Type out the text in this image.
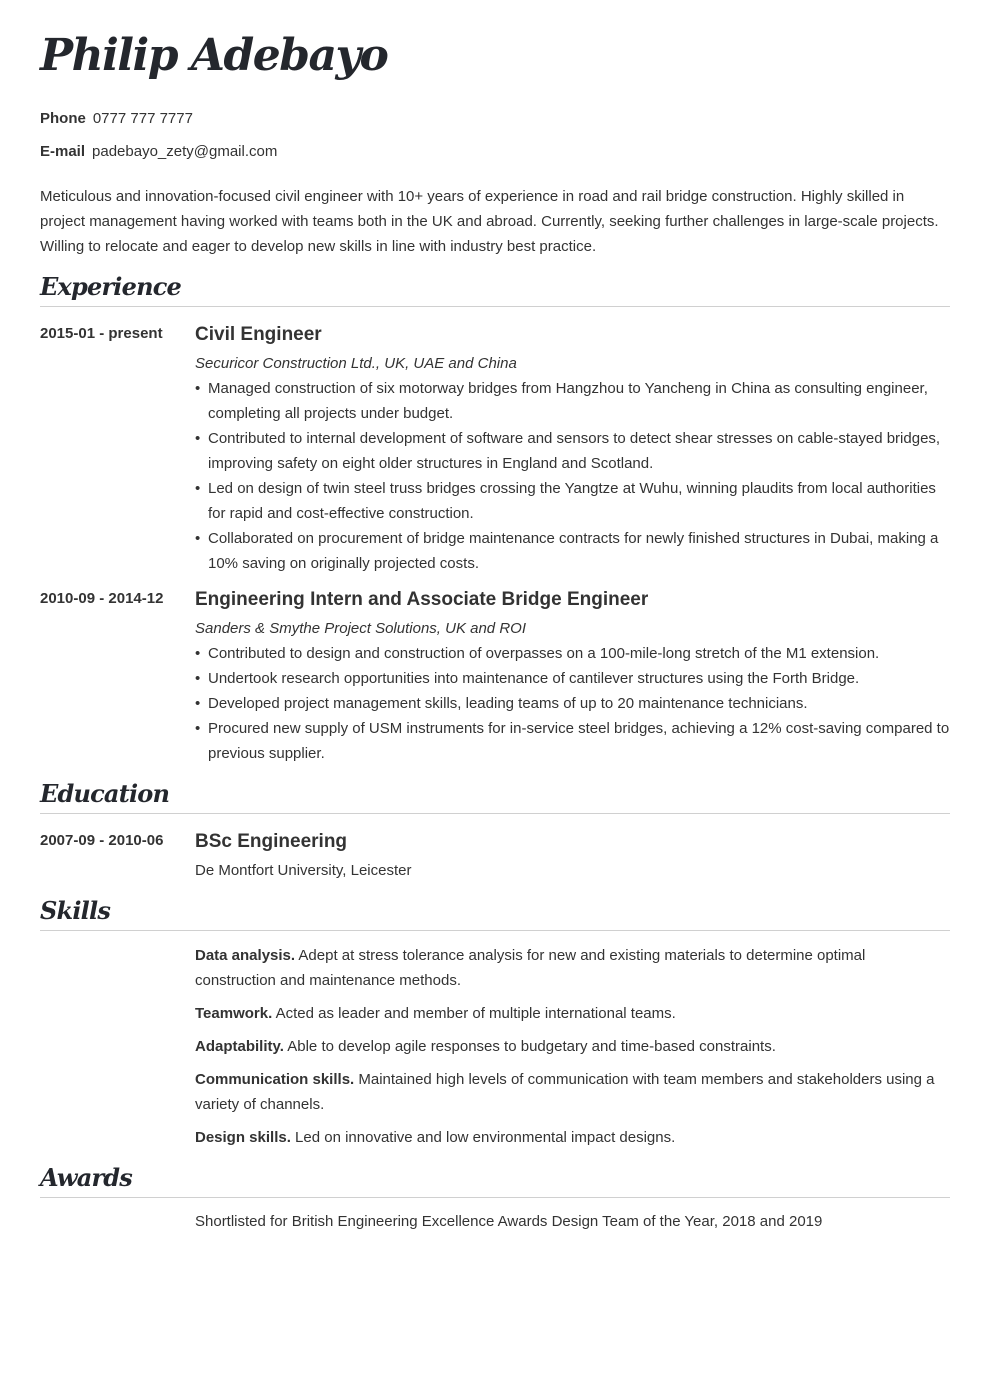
Philip Adebayo
Phone 0777 777 7777
E-mail padebayo_zety@gmail.com

Meticulous and innovation-focused civil engineer with 10+ years of experience in road and rail bridge construction. Highly skilled in project management having worked with teams both in the UK and abroad. Currently, seeking further challenges in large-scale projects. Willing to relocate and eager to develop new skills in line with industry best practice.

Experience
2015-01 - present	Civil Engineer

Securicor Construction Ltd., UK, UAE and China

• Managed construction of six motorway bridges from Hangzhou to Yancheng in China as consulting engineer, completing all projects under budget.
• Contributed to internal development of software and sensors to detect shear stresses on cable-stayed bridges, improving safety on eight older structures in England and Scotland.
• Led on design of twin steel truss bridges crossing the Yangtze at Wuhu, winning plaudits from local authorities for rapid and cost-effective construction.
• Collaborated on procurement of bridge maintenance contracts for newly finished structures in Dubai, making a 10% saving on originally projected costs.
2010-09 - 2014-12	Engineering Intern and Associate Bridge Engineer

Sanders & Smythe Project Solutions, UK and ROI

• Contributed to design and construction of overpasses on a 100-mile-long stretch of the M1 extension.
• Undertook research opportunities into maintenance of cantilever structures using the Forth Bridge.
• Developed project management skills, leading teams of up to 20 maintenance technicians.
• Procured new supply of USM instruments for in-service steel bridges, achieving a 12% cost-saving compared to previous supplier.
Education
2007-09 - 2010-06	BSc Engineering

De Montfort University, Leicester

Skills

Data analysis. Adept at stress tolerance analysis for new and existing materials to determine optimal construction and maintenance methods.

Teamwork. Acted as leader and member of multiple international teams.

Adaptability. Able to develop agile responses to budgetary and time-based constraints.

Communication skills. Maintained high levels of communication with team members and stakeholders using a variety of channels.

Design skills. Led on innovative and low environmental impact designs.

Awards

Shortlisted for British Engineering Excellence Awards Design Team of the Year, 2018 and 2019
